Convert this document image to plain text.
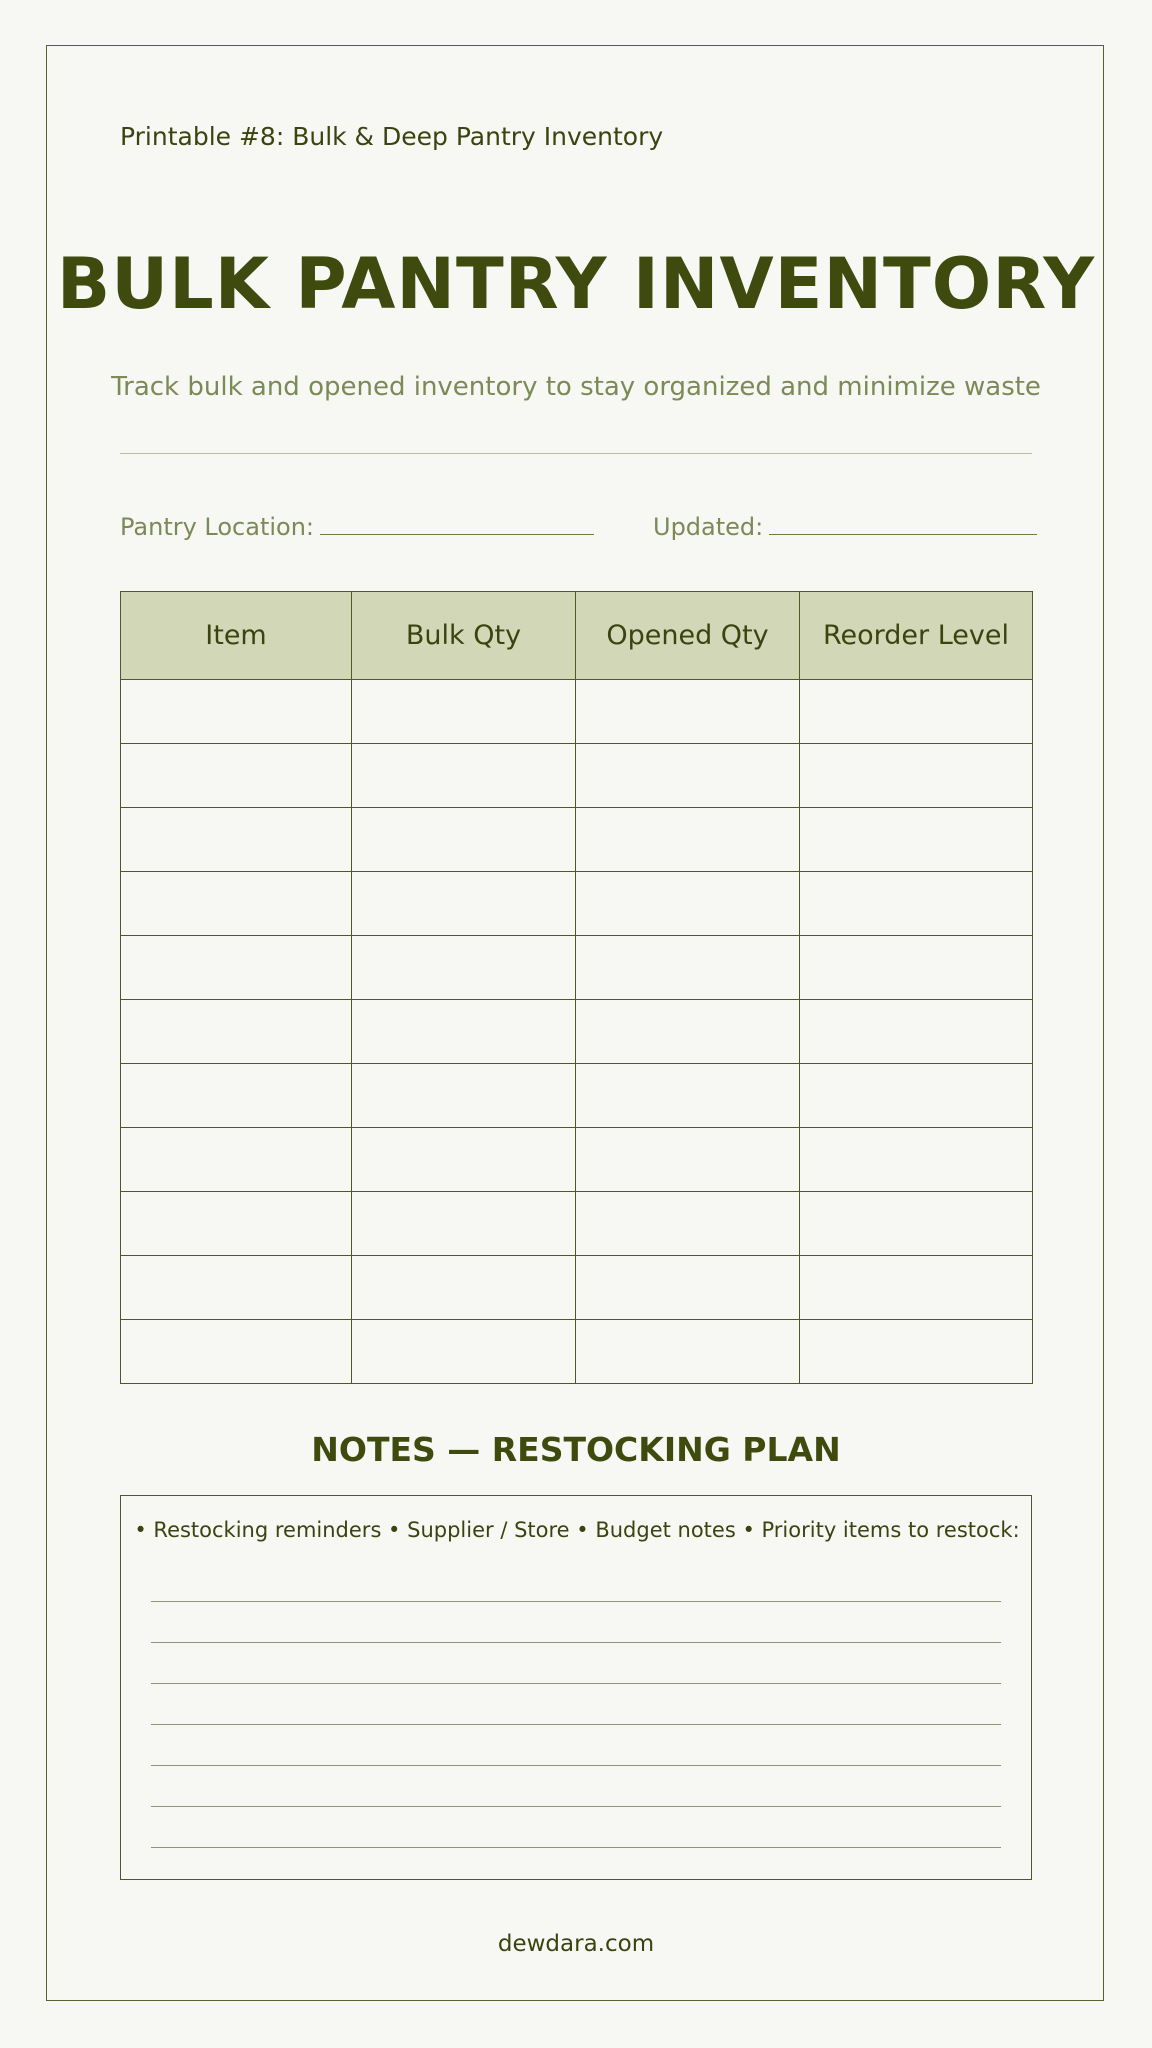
Printable #8: Bulk & Deep Pantry Inventory
BULK PANTRY INVENTORY
Track bulk and opened inventory to stay organized and minimize waste
Pantry Location:	Updated:
Item	Bulk Qty	Opened Qty	Reorder Level

NOTES — RESTOCKING PLAN
• Restocking reminders • Supplier / Store • Budget notes • Priority items to restock:
dewdara.com
